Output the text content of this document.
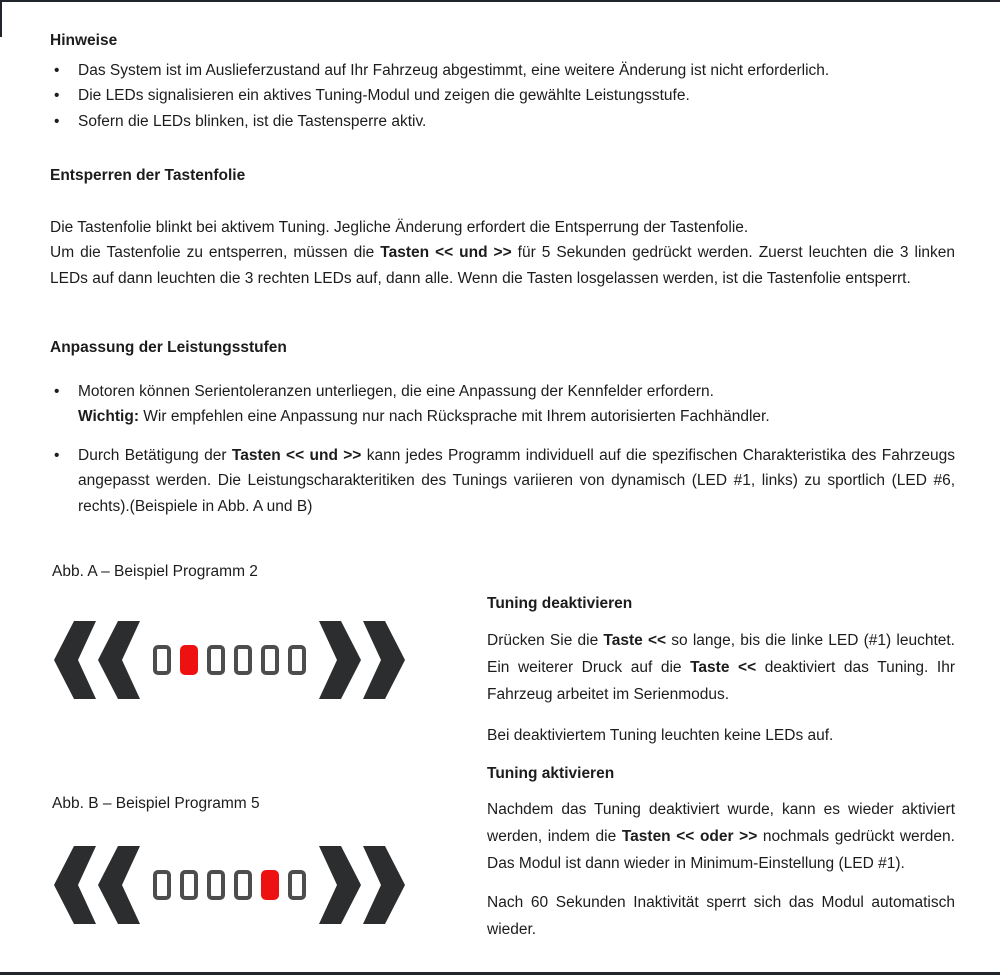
Hinweise
• Das System ist im Auslieferzustand auf Ihr Fahrzeug abgestimmt, eine weitere Änderung ist nicht erforderlich.
• Die LEDs signalisieren ein aktives Tuning-Modul und zeigen die gewählte Leistungsstufe.
• Sofern die LEDs blinken, ist die Tastensperre aktiv.
Entsperren der Tastenfolie
Die Tastenfolie blinkt bei aktivem Tuning. Jegliche Änderung erfordert die Entsperrung der Tastenfolie.
Um die Tastenfolie zu entsperren, müssen die Tasten << und >> für 5 Sekunden gedrückt werden. Zuerst leuchten die 3 linken LEDs auf dann leuchten die 3 rechten LEDs auf, dann alle. Wenn die Tasten losgelassen werden, ist die Tastenfolie entsperrt.
Anpassung der Leistungsstufen
• Motoren können Serientoleranzen unterliegen, die eine Anpassung der Kennfelder erfordern.
Wichtig: Wir empfehlen eine Anpassung nur nach Rücksprache mit Ihrem autorisierten Fachhändler.
• Durch Betätigung der Tasten << und >> kann jedes Programm individuell auf die spezifischen Charakteristika des Fahrzeugs angepasst werden. Die Leistungscharakteritiken des Tunings variieren von dynamisch (LED #1, links) zu sportlich (LED #6, rechts).(Beispiele in Abb. A und B)
Abb. A – Beispiel Programm 2
Abb. B – Beispiel Programm 5
Tuning deaktivieren

Drücken Sie die Taste << so lange, bis die linke LED (#1) leuchtet. Ein weiterer Druck auf die Taste << deaktiviert das Tuning. Ihr Fahrzeug arbeitet im Serienmodus.

Bei deaktiviertem Tuning leuchten keine LEDs auf.

Tuning aktivieren

Nachdem das Tuning deaktiviert wurde, kann es wieder aktiviert werden, indem die Tasten << oder >> nochmals gedrückt werden. Das Modul ist dann wieder in Minimum-Einstellung (LED #1).

Nach 60 Sekunden Inaktivität sperrt sich das Modul automatisch wieder.
